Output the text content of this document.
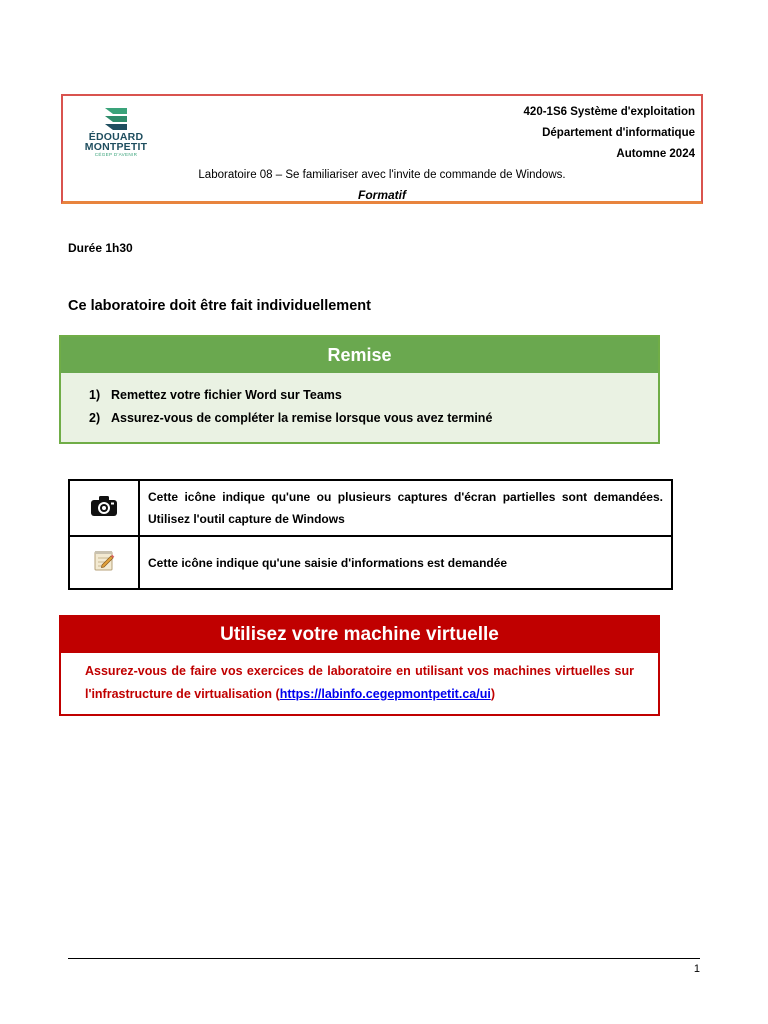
ÉDOUARD
MONTPETIT
CÉGEP D'AVENIR
420-1S6 Système d'exploitation
Département d'informatique
Automne 2024
Laboratoire 08 – Se familiariser avec l'invite de commande de Windows.
Formatif
Durée 1h30
Ce laboratoire doit être fait individuellement
Remise
1) Remettez votre fichier Word sur Teams
2) Assurez-vous de compléter la remise lorsque vous avez terminé
	Cette icône indique qu'une ou plusieurs captures d'écran partielles sont demandées. Utilisez l'outil capture de Windows
	Cette icône indique qu'une saisie d'informations est demandée
Utilisez votre machine virtuelle
Assurez-vous de faire vos exercices de laboratoire en utilisant vos machines virtuelles sur l'infrastructure de virtualisation (https://labinfo.cegepmontpetit.ca/ui)
1
